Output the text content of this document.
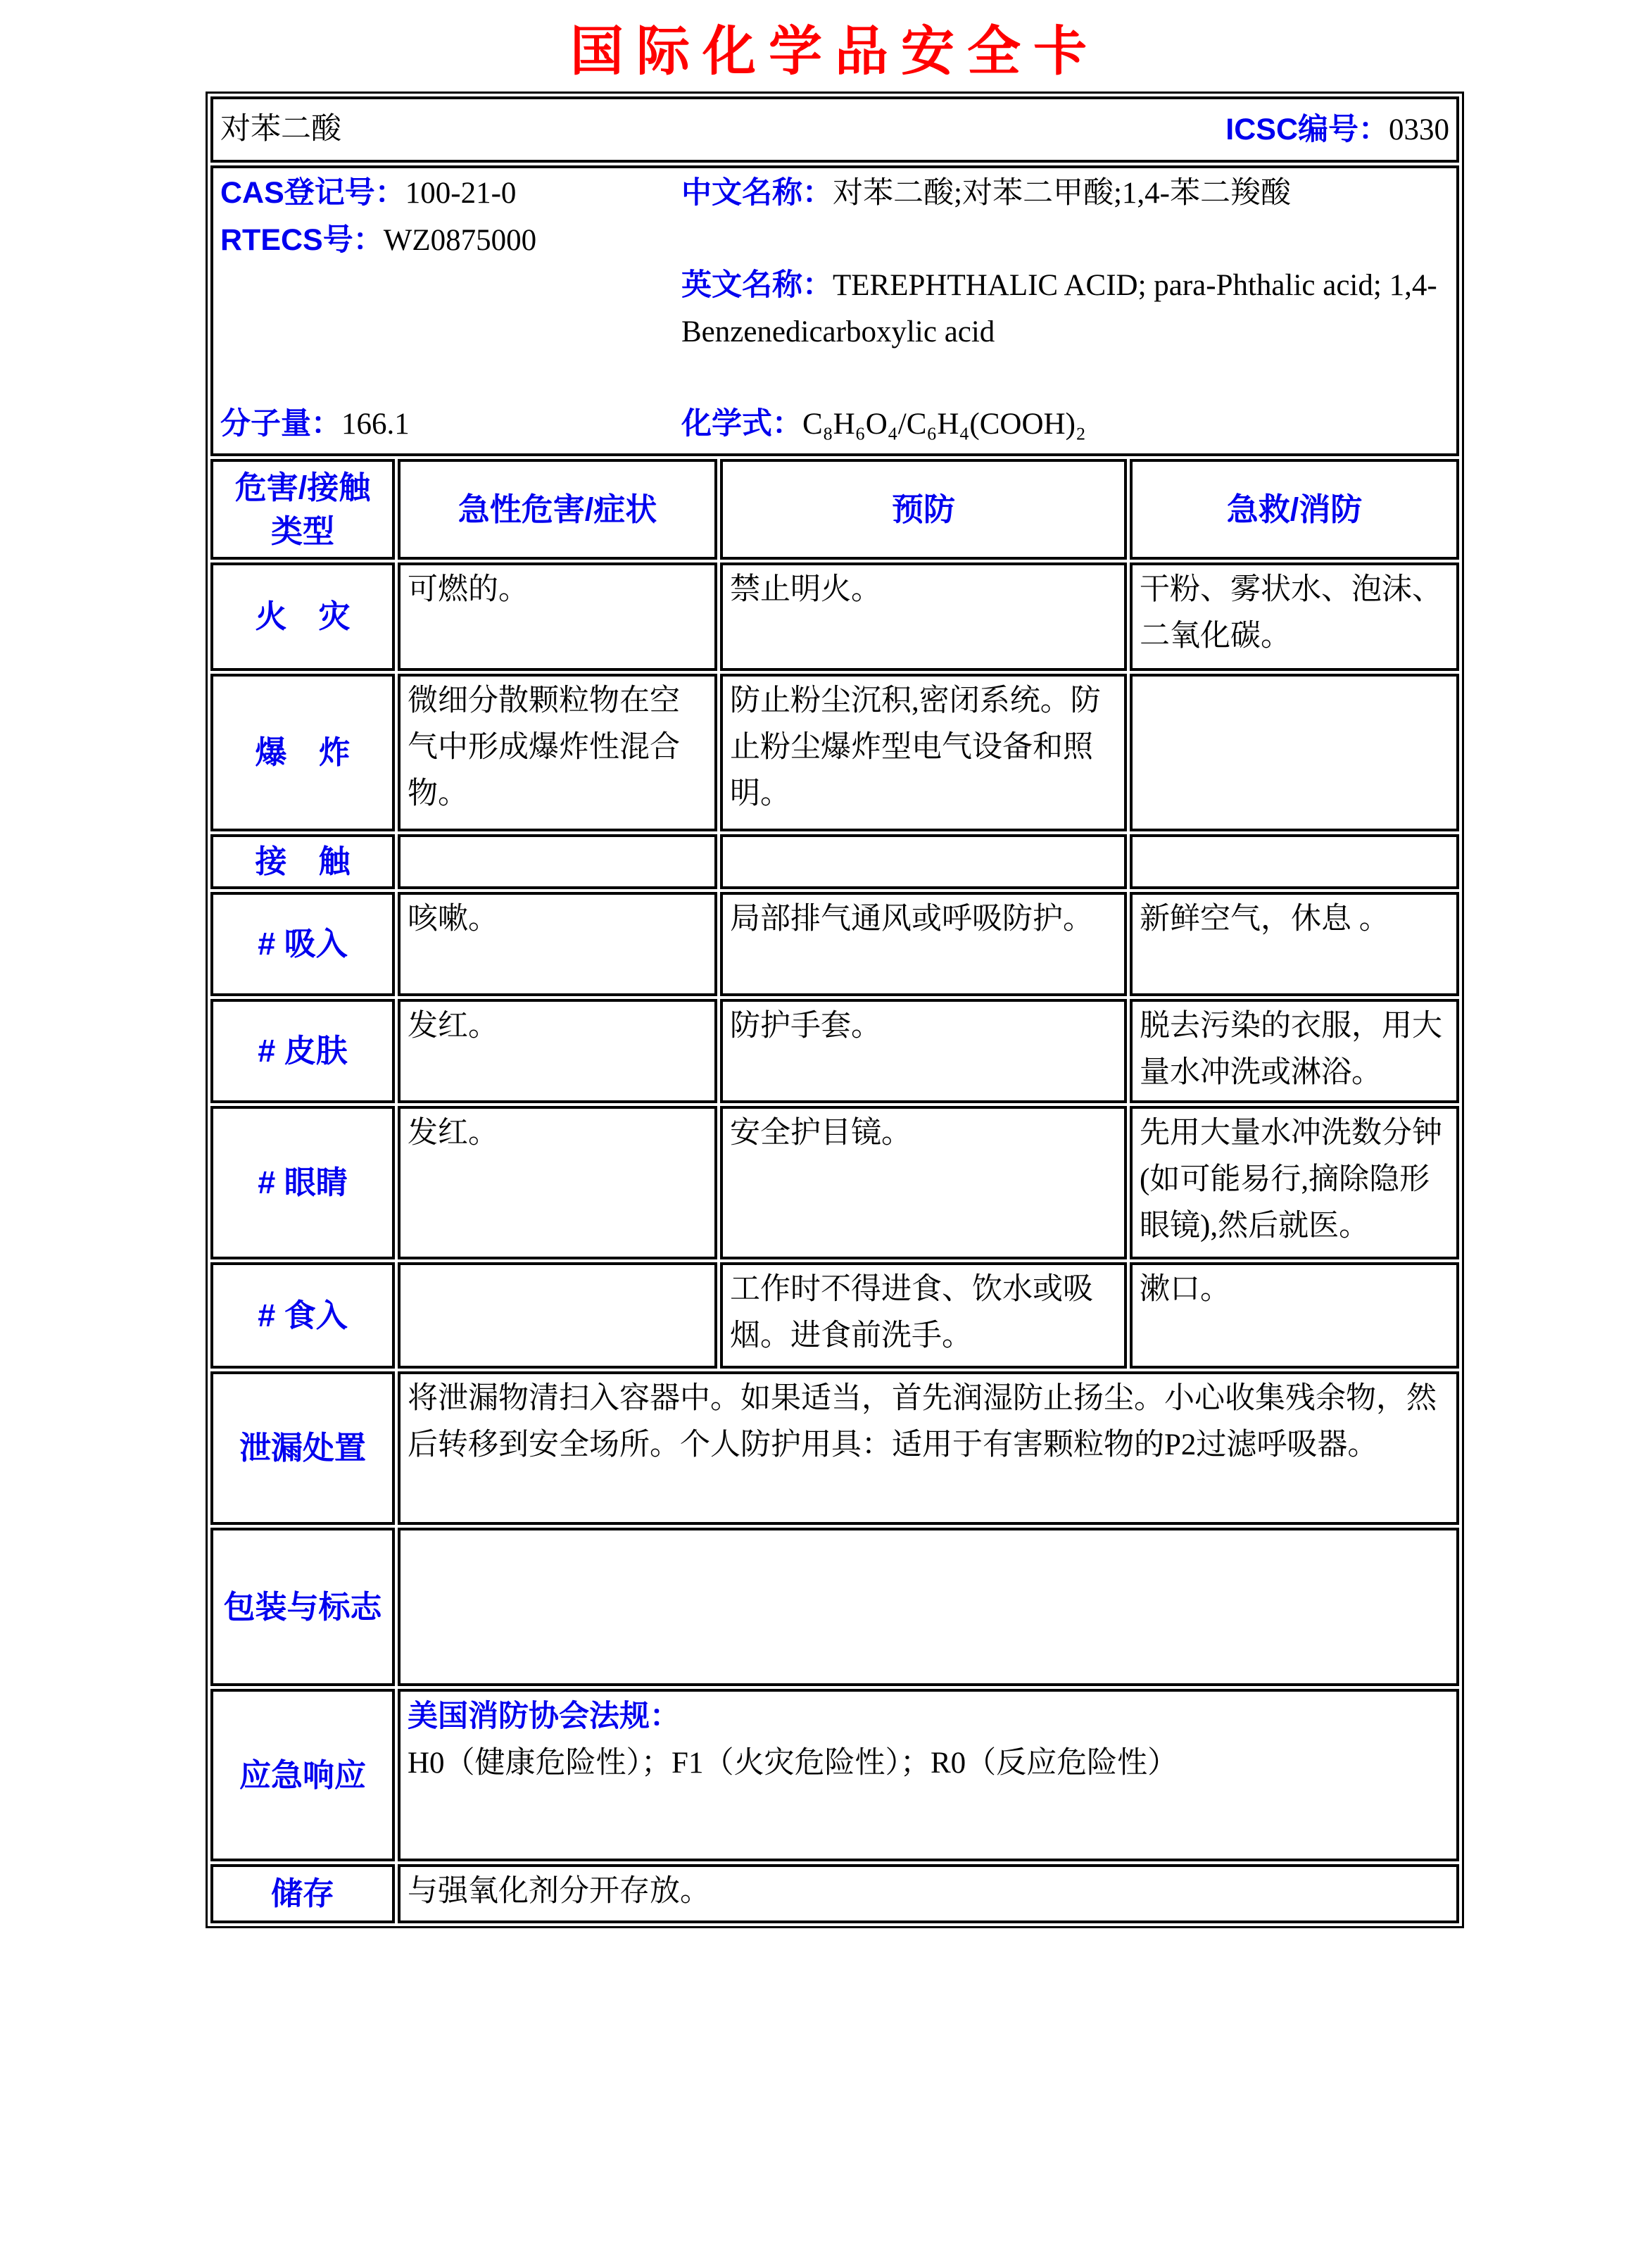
国际化学品安全卡
对苯二酸 ICSC编号：0330			

CAS登记号：100-21-0
RTECS号：WZ0875000
分子量：166.1
中文名称：对苯二酸;对苯二甲酸;1,4-苯二羧酸
英文名称：TEREPHTHALIC ACID; para-Phthalic acid; 1,4-Benzenedicarboxylic acid
化学式：C₈H₆O₄/C₆H₄(COOH)₂

危害/接触类型	急性危害/症状	预防	急救/消防
火　灾	可燃的。	禁止明火。	干粉、雾状水、泡沫、二氧化碳。
爆　炸	微细分散颗粒物在空气中形成爆炸性混合物。	防止粉尘沉积,密闭系统。防止粉尘爆炸型电气设备和照明。	
接　触			
# 吸入	咳嗽。	局部排气通风或呼吸防护。	新鲜空气，休息 。
# 皮肤	发红。	防护手套。	脱去污染的衣服，用大量水冲洗或淋浴。
# 眼睛	发红。	安全护目镜。	先用大量水冲洗数分钟(如可能易行,摘除隐形眼镜),然后就医。
# 食入		工作时不得进食、饮水或吸烟。进食前洗手。	漱口。
泄漏处置	将泄漏物清扫入容器中。如果适当，首先润湿防止扬尘。小心收集残余物，然后转移到安全场所。个人防护用具：适用于有害颗粒物的P2过滤呼吸器。		
包装与标志			
应急响应	美国消防协会法规：H0（健康危险性）；F1（火灾危险性）；R0（反应危险性）		
储存	与强氧化剂分开存放。		
